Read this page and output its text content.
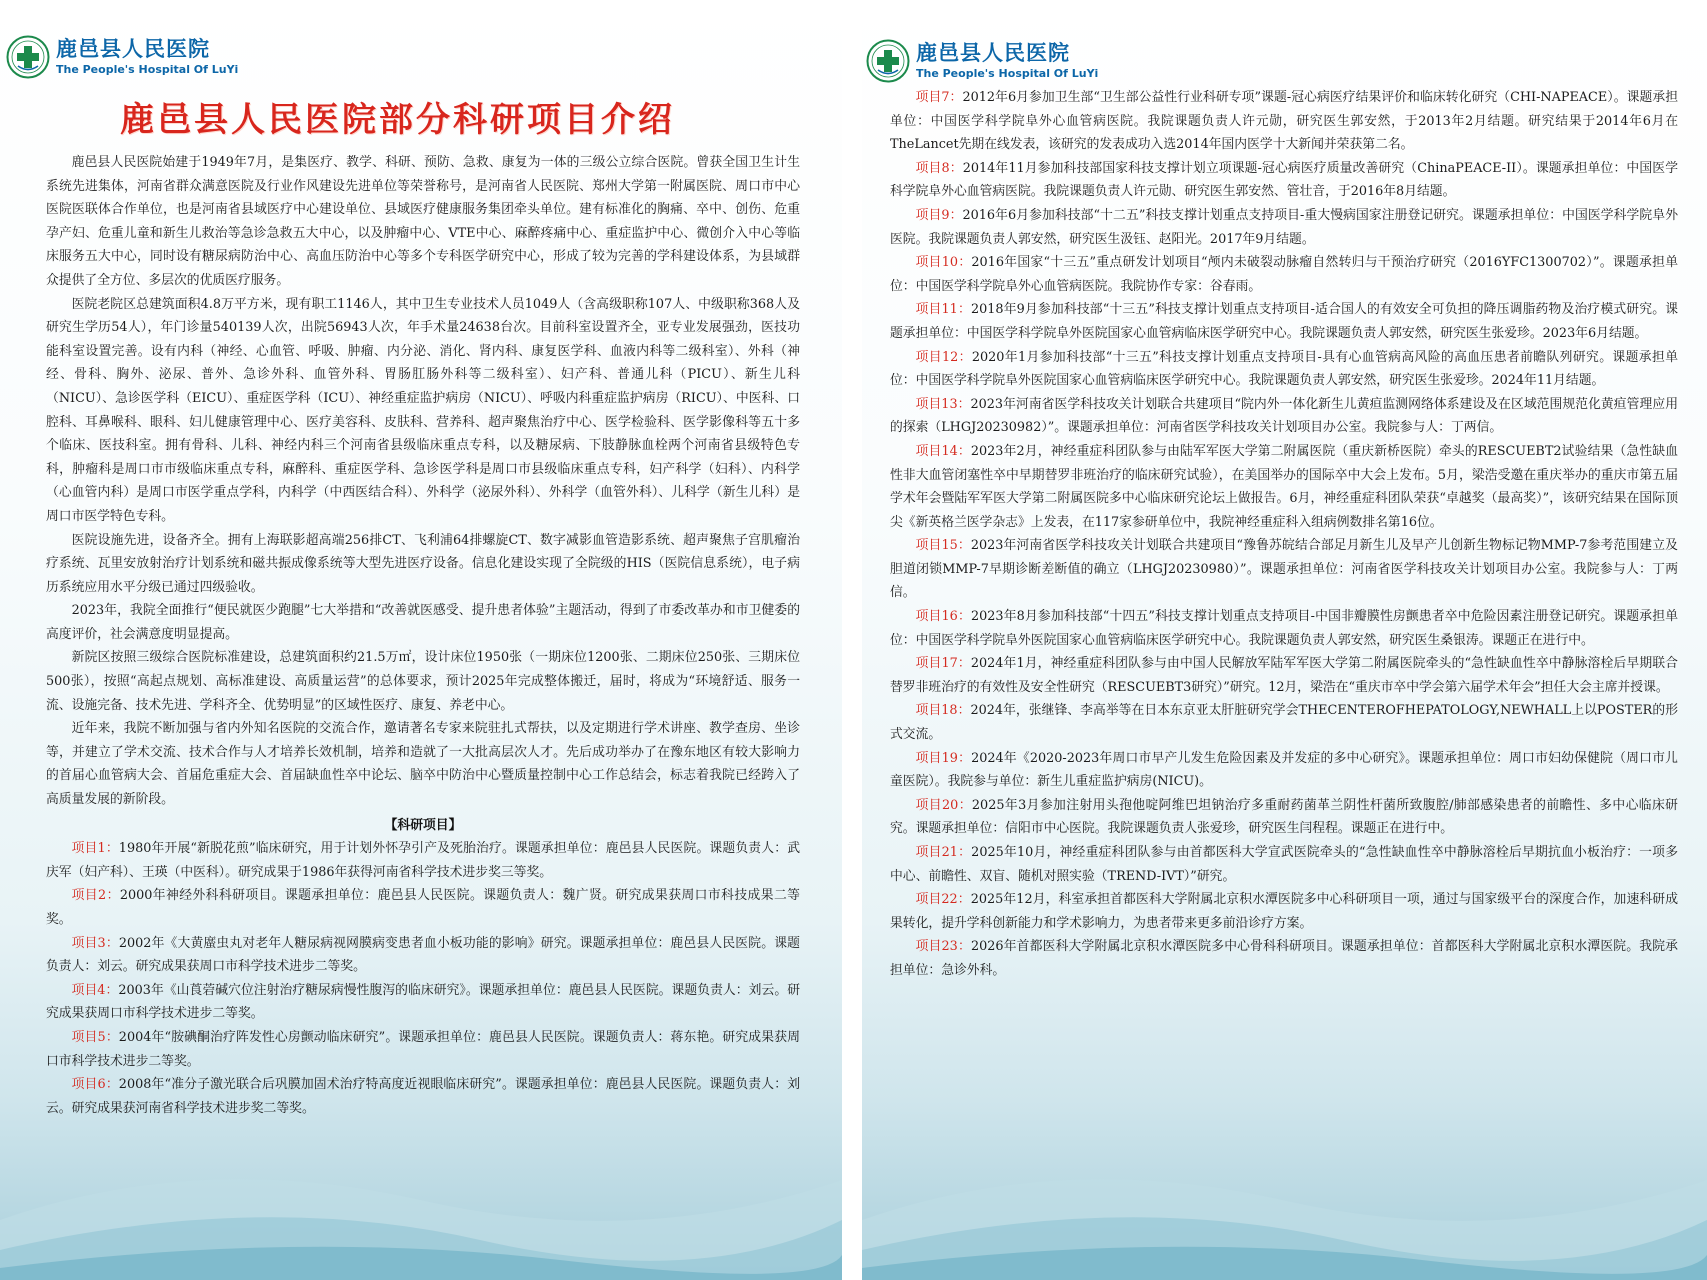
鹿邑县人民医院
The People's Hospital Of LuYi
鹿邑县人民医院部分科研项目介绍

鹿邑县人民医院始建于1949年7月，是集医疗、教学、科研、预防、急救、康复为一体的三级公立综合医院。曾获全国卫生计生系统先进集体，河南省群众满意医院及行业作风建设先进单位等荣誉称号，是河南省人民医院、郑州大学第一附属医院、周口市中心医院医联体合作单位，也是河南省县域医疗中心建设单位、县域医疗健康服务集团牵头单位。建有标准化的胸痛、卒中、创伤、危重孕产妇、危重儿童和新生儿救治等急诊急救五大中心，以及肿瘤中心、VTE中心、麻醉疼痛中心、重症监护中心、微创介入中心等临床服务五大中心，同时设有糖尿病防治中心、高血压防治中心等多个专科医学研究中心，形成了较为完善的学科建设体系，为县域群众提供了全方位、多层次的优质医疗服务。

医院老院区总建筑面积4.8万平方米，现有职工1146人，其中卫生专业技术人员1049人（含高级职称107人、中级职称368人及研究生学历54人），年门诊量540139人次，出院56943人次，年手术量24638台次。目前科室设置齐全，亚专业发展强劲，医技功能科室设置完善。设有内科（神经、心血管、呼吸、肿瘤、内分泌、消化、肾内科、康复医学科、血液内科等二级科室）、外科（神经、骨科、胸外、泌尿、普外、急诊外科、血管外科、胃肠肛肠外科等二级科室）、妇产科、普通儿科（PICU）、新生儿科（NICU）、急诊医学科（EICU）、重症医学科（ICU）、神经重症监护病房（NICU）、呼吸内科重症监护病房（RICU）、中医科、口腔科、耳鼻喉科、眼科、妇儿健康管理中心、医疗美容科、皮肤科、营养科、超声聚焦治疗中心、医学检验科、医学影像科等五十多个临床、医技科室。拥有骨科、儿科、神经内科三个河南省县级临床重点专科，以及糖尿病、下肢静脉血栓两个河南省县级特色专科，肿瘤科是周口市市级临床重点专科，麻醉科、重症医学科、急诊医学科是周口市县级临床重点专科，妇产科学（妇科）、内科学（心血管内科）是周口市医学重点学科，内科学（中西医结合科）、外科学（泌尿外科）、外科学（血管外科）、儿科学（新生儿科）是周口市医学特色专科。

医院设施先进，设备齐全。拥有上海联影超高端256排CT、飞利浦64排螺旋CT、数字减影血管造影系统、超声聚焦子宫肌瘤治疗系统、瓦里安放射治疗计划系统和磁共振成像系统等大型先进医疗设备。信息化建设实现了全院级的HIS（医院信息系统），电子病历系统应用水平分级已通过四级验收。

2023年，我院全面推行“便民就医少跑腿”七大举措和“改善就医感受、提升患者体验”主题活动，得到了市委改革办和市卫健委的高度评价，社会满意度明显提高。

新院区按照三级综合医院标准建设，总建筑面积约21.5万㎡，设计床位1950张（一期床位1200张、二期床位250张、三期床位500张），按照“高起点规划、高标准建设、高质量运营”的总体要求，预计2025年完成整体搬迁，届时，将成为“环境舒适、服务一流、设施完备、技术先进、学科齐全、优势明显”的区域性医疗、康复、养老中心。

近年来，我院不断加强与省内外知名医院的交流合作，邀请著名专家来院驻扎式帮扶，以及定期进行学术讲座、教学查房、坐诊等，并建立了学术交流、技术合作与人才培养长效机制，培养和造就了一大批高层次人才。先后成功举办了在豫东地区有较大影响力的首届心血管病大会、首届危重症大会、首届缺血性卒中论坛、脑卒中防治中心暨质量控制中心工作总结会，标志着我院已经跨入了高质量发展的新阶段。

【科研项目】

项目1：1980年开展“新脱花煎”临床研究，用于计划外怀孕引产及死胎治疗。课题承担单位：鹿邑县人民医院。课题负责人：武庆军（妇产科）、王瑛（中医科）。研究成果于1986年获得河南省科学技术进步奖三等奖。

项目2：2000年神经外科科研项目。课题承担单位：鹿邑县人民医院。课题负责人：魏广贤。研究成果获周口市科技成果二等奖。

项目3：2002年《大黄䗪虫丸对老年人糖尿病视网膜病变患者血小板功能的影响》研究。课题承担单位：鹿邑县人民医院。课题负责人：刘云。研究成果获周口市科学技术进步二等奖。

项目4：2003年《山莨菪碱穴位注射治疗糖尿病慢性腹泻的临床研究》。课题承担单位：鹿邑县人民医院。课题负责人：刘云。研究成果获周口市科学技术进步二等奖。

项目5：2004年“胺碘酮治疗阵发性心房颤动临床研究”。课题承担单位：鹿邑县人民医院。课题负责人：蒋东艳。研究成果获周口市科学技术进步二等奖。

项目6：2008年“准分子激光联合后巩膜加固术治疗特高度近视眼临床研究”。课题承担单位：鹿邑县人民医院。课题负责人：刘云。研究成果获河南省科学技术进步奖二等奖。

鹿邑县人民医院
The People's Hospital Of LuYi

项目7：2012年6月参加卫生部“卫生部公益性行业科研专项”课题-冠心病医疗结果评价和临床转化研究（CHI-NAPEACE）。课题承担单位：中国医学科学院阜外心血管病医院。我院课题负责人许元勋，研究医生郭安然，于2013年2月结题。研究结果于2014年6月在TheLancet先期在线发表，该研究的发表成功入选2014年国内医学十大新闻并荣获第二名。

项目8：2014年11月参加科技部国家科技支撑计划立项课题-冠心病医疗质量改善研究（ChinaPEACE-II）。课题承担单位：中国医学科学院阜外心血管病医院。我院课题负责人许元勋、研究医生郭安然、管壮音，于2016年8月结题。

项目9：2016年6月参加科技部“十二五”科技支撑计划重点支持项目-重大慢病国家注册登记研究。课题承担单位：中国医学科学院阜外医院。我院课题负责人郭安然，研究医生汲钰、赵阳光。2017年9月结题。

项目10：2016年国家“十三五”重点研发计划项目“颅内未破裂动脉瘤自然转归与干预治疗研究（2016YFC1300702）”。课题承担单位：中国医学科学院阜外心血管病医院。我院协作专家：谷春雨。

项目11：2018年9月参加科技部“十三五”科技支撑计划重点支持项目-适合国人的有效安全可负担的降压调脂药物及治疗模式研究。课题承担单位：中国医学科学院阜外医院国家心血管病临床医学研究中心。我院课题负责人郭安然，研究医生张爱珍。2023年6月结题。

项目12：2020年1月参加科技部“十三五”科技支撑计划重点支持项目-具有心血管病高风险的高血压患者前瞻队列研究。课题承担单位：中国医学科学院阜外医院国家心血管病临床医学研究中心。我院课题负责人郭安然，研究医生张爱珍。2024年11月结题。

项目13：2023年河南省医学科技攻关计划联合共建项目“院内外一体化新生儿黄疸监测网络体系建设及在区域范围规范化黄疸管理应用的探索（LHGJ20230982）”。课题承担单位：河南省医学科技攻关计划项目办公室。我院参与人：丁两信。

项目14：2023年2月，神经重症科团队参与由陆军军医大学第二附属医院（重庆新桥医院）牵头的RESCUEBT2试验结果（急性缺血性非大血管闭塞性卒中早期替罗非班治疗的临床研究试验），在美国举办的国际卒中大会上发布。5月，梁浩受邀在重庆举办的重庆市第五届学术年会暨陆军军医大学第二附属医院多中心临床研究论坛上做报告。6月，神经重症科团队荣获“卓越奖（最高奖）”，该研究结果在国际顶尖《新英格兰医学杂志》上发表，在117家参研单位中，我院神经重症科入组病例数排名第16位。

项目15：2023年河南省医学科技攻关计划联合共建项目“豫鲁苏皖结合部足月新生儿及早产儿创新生物标记物MMP-7参考范围建立及胆道闭锁MMP-7早期诊断差断值的确立（LHGJ20230980）”。课题承担单位：河南省医学科技攻关计划项目办公室。我院参与人：丁两信。

项目16：2023年8月参加科技部“十四五”科技支撑计划重点支持项目-中国非瓣膜性房颤患者卒中危险因素注册登记研究。课题承担单位：中国医学科学院阜外医院国家心血管病临床医学研究中心。我院课题负责人郭安然，研究医生桑银涛。课题正在进行中。

项目17：2024年1月，神经重症科团队参与由中国人民解放军陆军军医大学第二附属医院牵头的“急性缺血性卒中静脉溶栓后早期联合替罗非班治疗的有效性及安全性研究（RESCUEBT3研究）”研究。12月，梁浩在“重庆市卒中学会第六届学术年会”担任大会主席并授课。

项目18：2024年，张继锋、李高举等在日本东京亚太肝脏研究学会THECENTEROFHEPATOLOGY,NEWHALL上以POSTER的形式交流。

项目19：2024年《2020-2023年周口市早产儿发生危险因素及并发症的多中心研究》。课题承担单位：周口市妇幼保健院（周口市儿童医院）。我院参与单位：新生儿重症监护病房(NICU)。

项目20：2025年3月参加注射用头孢他啶阿维巴坦钠治疗多重耐药菌革兰阴性杆菌所致腹腔/肺部感染患者的前瞻性、多中心临床研究。课题承担单位：信阳市中心医院。我院课题负责人张爱珍，研究医生闫程程。课题正在进行中。

项目21：2025年10月，神经重症科团队参与由首都医科大学宣武医院牵头的“急性缺血性卒中静脉溶栓后早期抗血小板治疗：一项多中心、前瞻性、双盲、随机对照实验（TREND-IVT）”研究。

项目22：2025年12月，科室承担首都医科大学附属北京积水潭医院多中心科研项目一项，通过与国家级平台的深度合作，加速科研成果转化，提升学科创新能力和学术影响力，为患者带来更多前沿诊疗方案。

项目23：2026年首都医科大学附属北京积水潭医院多中心骨科科研项目。课题承担单位：首都医科大学附属北京积水潭医院。我院承担单位：急诊外科。
